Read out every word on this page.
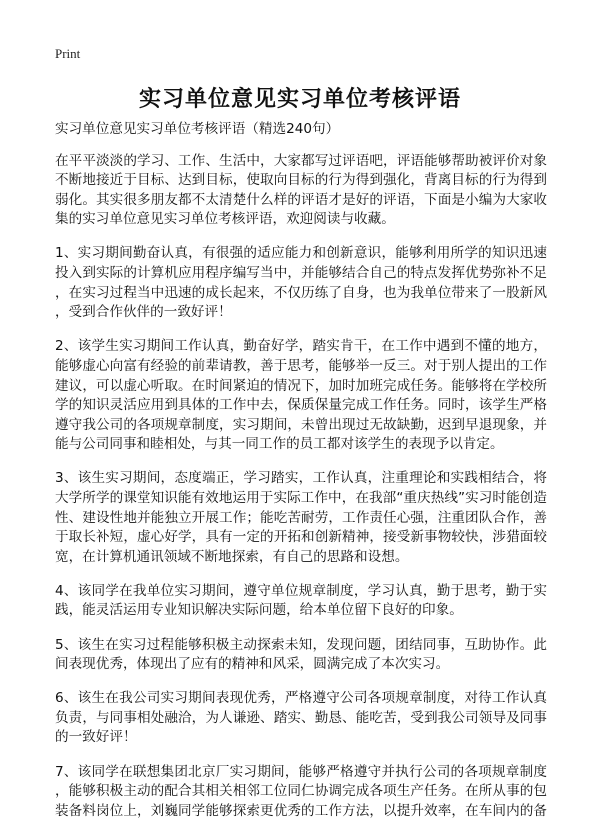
Print
实习单位意见实习单位考核评语
实习单位意见实习单位考核评语（精选240句）
在平平淡淡的学习、工作、生活中，大家都写过评语吧，评语能够帮助被评价对象
不断地接近于目标、达到目标，使取向目标的行为得到强化，背离目标的行为得到
弱化。其实很多朋友都不太清楚什么样的评语才是好的评语，下面是小编为大家收
集的实习单位意见实习单位考核评语，欢迎阅读与收藏。
1、实习期间勤奋认真，有很强的适应能力和创新意识，能够利用所学的知识迅速
投入到实际的计算机应用程序编写当中，并能够结合自己的特点发挥优势弥补不足
，在实习过程当中迅速的成长起来，不仅历练了自身，也为我单位带来了一股新风
，受到合作伙伴的一致好评！
2、该学生实习期间工作认真，勤奋好学，踏实肯干，在工作中遇到不懂的地方，
能够虚心向富有经验的前辈请教，善于思考，能够举一反三。对于别人提出的工作
建议，可以虚心听取。在时间紧迫的情况下，加时加班完成任务。能够将在学校所
学的知识灵活应用到具体的工作中去，保质保量完成工作任务。同时，该学生严格
遵守我公司的各项规章制度，实习期间，未曾出现过无故缺勤，迟到早退现象，并
能与公司同事和睦相处，与其一同工作的员工都对该学生的表现予以肯定。
3、该生实习期间，态度端正，学习踏实，工作认真，注重理论和实践相结合，将
大学所学的课堂知识能有效地运用于实际工作中，在我部“重庆热线”实习时能创造
性、建设性地并能独立开展工作；能吃苦耐劳，工作责任心强，注重团队合作，善
于取长补短，虚心好学，具有一定的开拓和创新精神，接受新事物较快，涉猎面较
宽，在计算机通讯领域不断地探索，有自己的思路和设想。
4、该同学在我单位实习期间，遵守单位规章制度，学习认真，勤于思考，勤于实
践，能灵活运用专业知识解决实际问题，给本单位留下良好的印象。
5、该生在实习过程能够积极主动探索未知，发现问题，团结同事，互助协作。此
间表现优秀，体现出了应有的精神和风采，圆满完成了本次实习。
6、该生在我公司实习期间表现优秀，严格遵守公司各项规章制度，对待工作认真
负责，与同事相处融洽，为人谦逊、踏实、勤恳、能吃苦，受到我公司领导及同事
的一致好评！
7、该同学在联想集团北京厂实习期间，能够严格遵守并执行公司的各项规章制度
，能够积极主动的配合其相关相邻工位同仁协调完成各项生产任务。在所从事的包
装备料岗位上，刘巍同学能够探索更优秀的工作方法，以提升效率，在车间内的备
